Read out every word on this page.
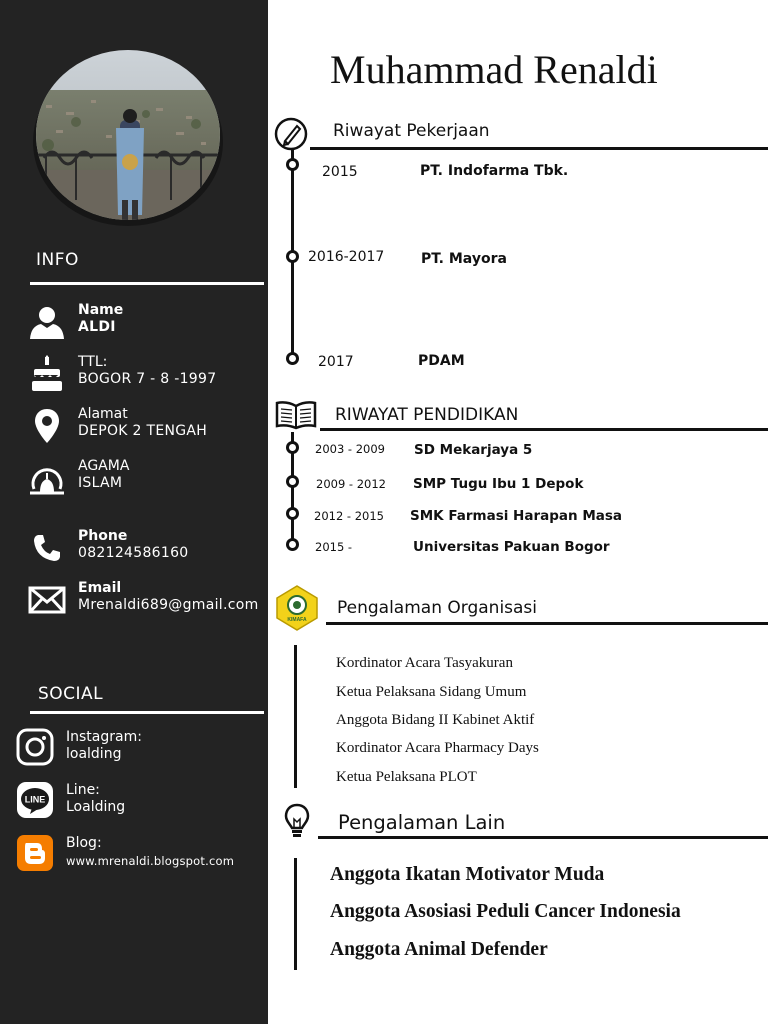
INFO
Name
ALDI
TTL:
BOGOR 7 - 8 -1997
Alamat
DEPOK 2 TENGAH
AGAMA
ISLAM
Phone
082124586160
Email
Mrenaldi689@gmail.com
SOCIAL
Instagram:
loalding
LINE
Line:
Loalding
Blog:
www.mrenaldi.blogspot.com
Muhammad Renaldi
Riwayat Pekerjaan
2015	PT. Indofarma Tbk.
2016-2017	PT. Mayora
2017	PDAM
RIWAYAT PENDIDIKAN
2003 - 2009 SD Mekarjaya 5
2009 - 2012 SMP Tugu Ibu 1 Depok
2012 - 2015 SMK Farmasi Harapan Masa
2015 -	Universitas Pakuan Bogor
KIMAFA
Pengalaman Organisasi
Kordinator Acara Tasyakuran
Ketua Pelaksana Sidang Umum
Anggota Bidang II Kabinet Aktif
Kordinator Acara Pharmacy Days
Ketua Pelaksana PLOT
Pengalaman Lain
Anggota Ikatan Motivator Muda
Anggota Asosiasi Peduli Cancer Indonesia
Anggota Animal Defender
